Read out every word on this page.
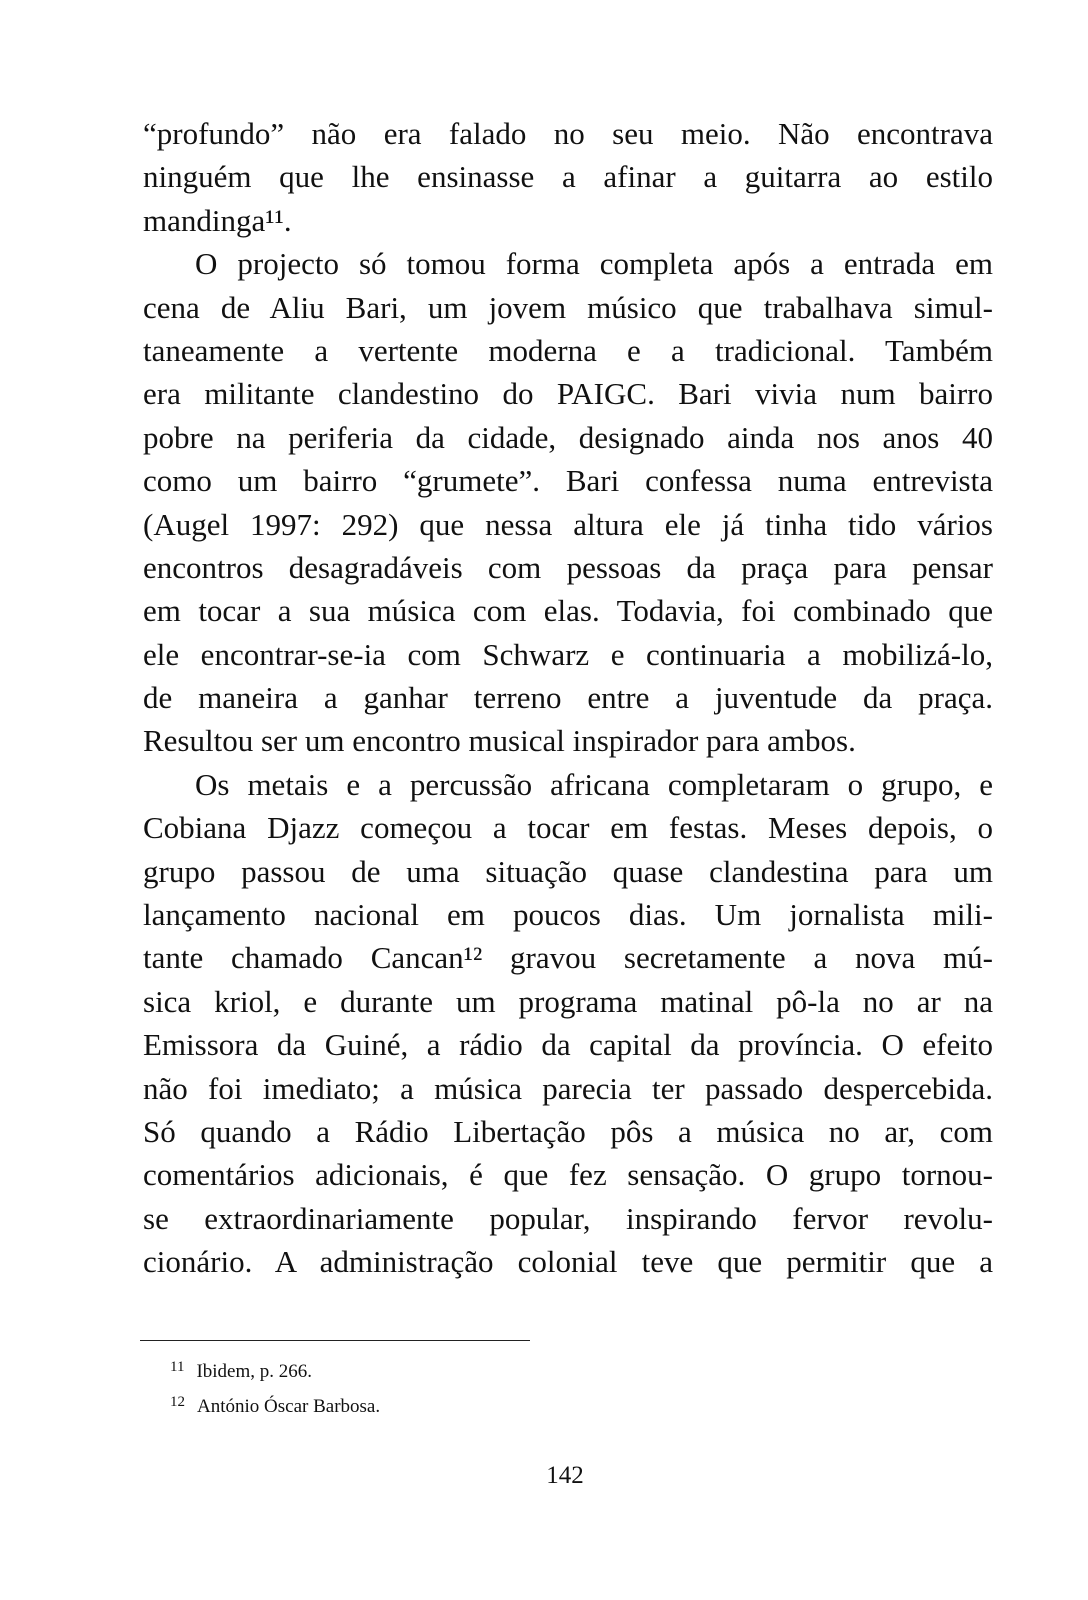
“profundo” não era falado no seu meio. Não encontrava
ninguém que lhe ensinasse a afinar a guitarra ao estilo
mandinga¹¹.
O projecto só tomou forma completa após a entrada em
cena de Aliu Bari, um jovem músico que trabalhava simul-
taneamente a vertente moderna e a tradicional. Também
era militante clandestino do PAIGC. Bari vivia num bairro
pobre na periferia da cidade, designado ainda nos anos 40
como um bairro “grumete”. Bari confessa numa entrevista
(Augel 1997: 292) que nessa altura ele já tinha tido vários
encontros desagradáveis com pessoas da praça para pensar
em tocar a sua música com elas. Todavia, foi combinado que
ele encontrar-se-ia com Schwarz e continuaria a mobilizá-lo,
de maneira a ganhar terreno entre a juventude da praça.
Resultou ser um encontro musical inspirador para ambos.
Os metais e a percussão africana completaram o grupo, e
Cobiana Djazz começou a tocar em festas. Meses depois, o
grupo passou de uma situação quase clandestina para um
lançamento nacional em poucos dias. Um jornalista mili-
tante chamado Cancan¹² gravou secretamente a nova mú-
sica kriol, e durante um programa matinal pô-la no ar na
Emissora da Guiné, a rádio da capital da província. O efeito
não foi imediato; a música parecia ter passado despercebida.
Só quando a Rádio Libertação pôs a música no ar, com
comentários adicionais, é que fez sensação. O grupo tornou-
se extraordinariamente popular, inspirando fervor revolu-
cionário. A administração colonial teve que permitir que a
$^{11}$ Ibidem, p. 266.
$^{12}$ António Óscar Barbosa.
142
